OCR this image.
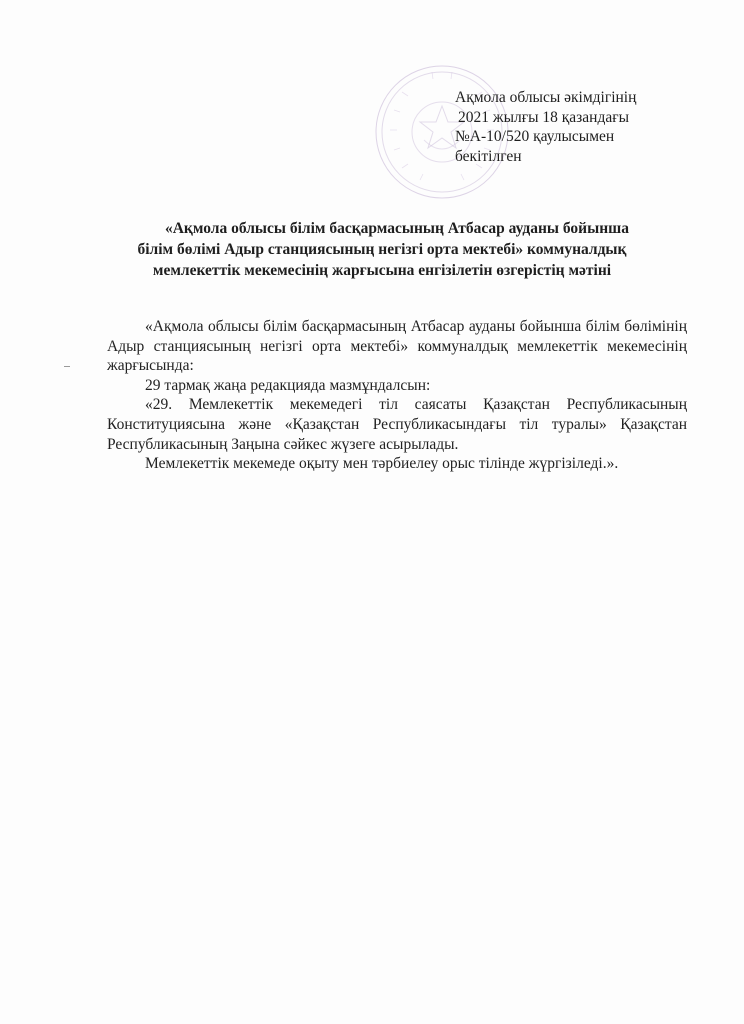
Ақмола облысы әкімдігінің
2021 жылғы 18 қазандағы
№А-10/520 қаулысымен
бекітілген
«Ақмола облысы білім басқармасының Атбасар ауданы бойынша
білім бөлімі Адыр станциясының негізгі орта мектебі» коммуналдық
мемлекеттік мекемесінің жарғысына енгізілетін өзгерістің мәтіні

«Ақмола облысы білім басқармасының Атбасар ауданы бойынша білім бөлімінің Адыр станциясының негізгі орта мектебі» коммуналдық мемлекеттік мекемесінің жарғысында:

29 тармақ жаңа редакцияда мазмұндалсын:

«29. Мемлекеттік мекемедегі тіл саясаты Қазақстан Республикасының Конституциясына және «Қазақстан Республикасындағы тіл туралы» Қазақстан Республикасының Заңына сәйкес жүзеге асырылады.

Мемлекеттік мекемеде оқыту мен тәрбиелеу орыс тілінде жүргізіледі.».
